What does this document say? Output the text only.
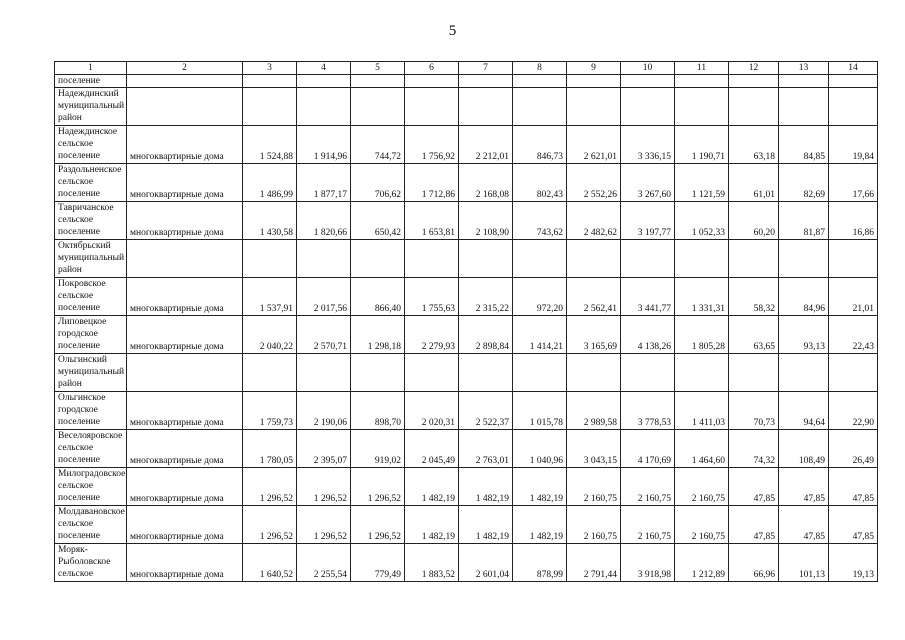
5
1	2	3	4	5	6	7	8	9	10	11	12	13	14
поселение													
Надеждинский муниципальный район													
Надеждинское сельское поселение	многоквартирные дома	1 524,88	1 914,96	744,72	1 756,92	2 212,01	846,73	2 621,01	3 336,15	1 190,71	63,18	84,85	19,84
Раздольненское сельское поселение	многоквартирные дома	1 486,99	1 877,17	706,62	1 712,86	2 168,08	802,43	2 552,26	3 267,60	1 121,59	61,01	82,69	17,66
Тавричанское сельское поселение	многоквартирные дома	1 430,58	1 820,66	650,42	1 653,81	2 108,90	743,62	2 482,62	3 197,77	1 052,33	60,20	81,87	16,86
Октябрьский муниципальный район													
Покровское сельское поселение	многоквартирные дома	1 537,91	2 017,56	866,40	1 755,63	2 315,22	972,20	2 562,41	3 441,77	1 331,31	58,32	84,96	21,01
Липовецкое городское поселение	многоквартирные дома	2 040,22	2 570,71	1 298,18	2 279,93	2 898,84	1 414,21	3 165,69	4 138,26	1 805,28	63,65	93,13	22,43
Ольгинский муниципальный район													
Ольгинское городское поселение	многоквартирные дома	1 759,73	2 190,06	898,70	2 020,31	2 522,37	1 015,78	2 989,58	3 778,53	1 411,03	70,73	94,64	22,90
Веселояровское сельское поселение	многоквартирные дома	1 780,05	2 395,07	919,02	2 045,49	2 763,01	1 040,96	3 043,15	4 170,69	1 464,60	74,32	108,49	26,49
Милоградовское сельское поселение	многоквартирные дома	1 296,52	1 296,52	1 296,52	1 482,19	1 482,19	1 482,19	2 160,75	2 160,75	2 160,75	47,85	47,85	47,85
Молдавановское сельское поселение	многоквартирные дома	1 296,52	1 296,52	1 296,52	1 482,19	1 482,19	1 482,19	2 160,75	2 160,75	2 160,75	47,85	47,85	47,85
Моряк-Рыболовское сельское	многоквартирные дома	1 640,52	2 255,54	779,49	1 883,52	2 601,04	878,99	2 791,44	3 918,98	1 212,89	66,96	101,13	19,13
